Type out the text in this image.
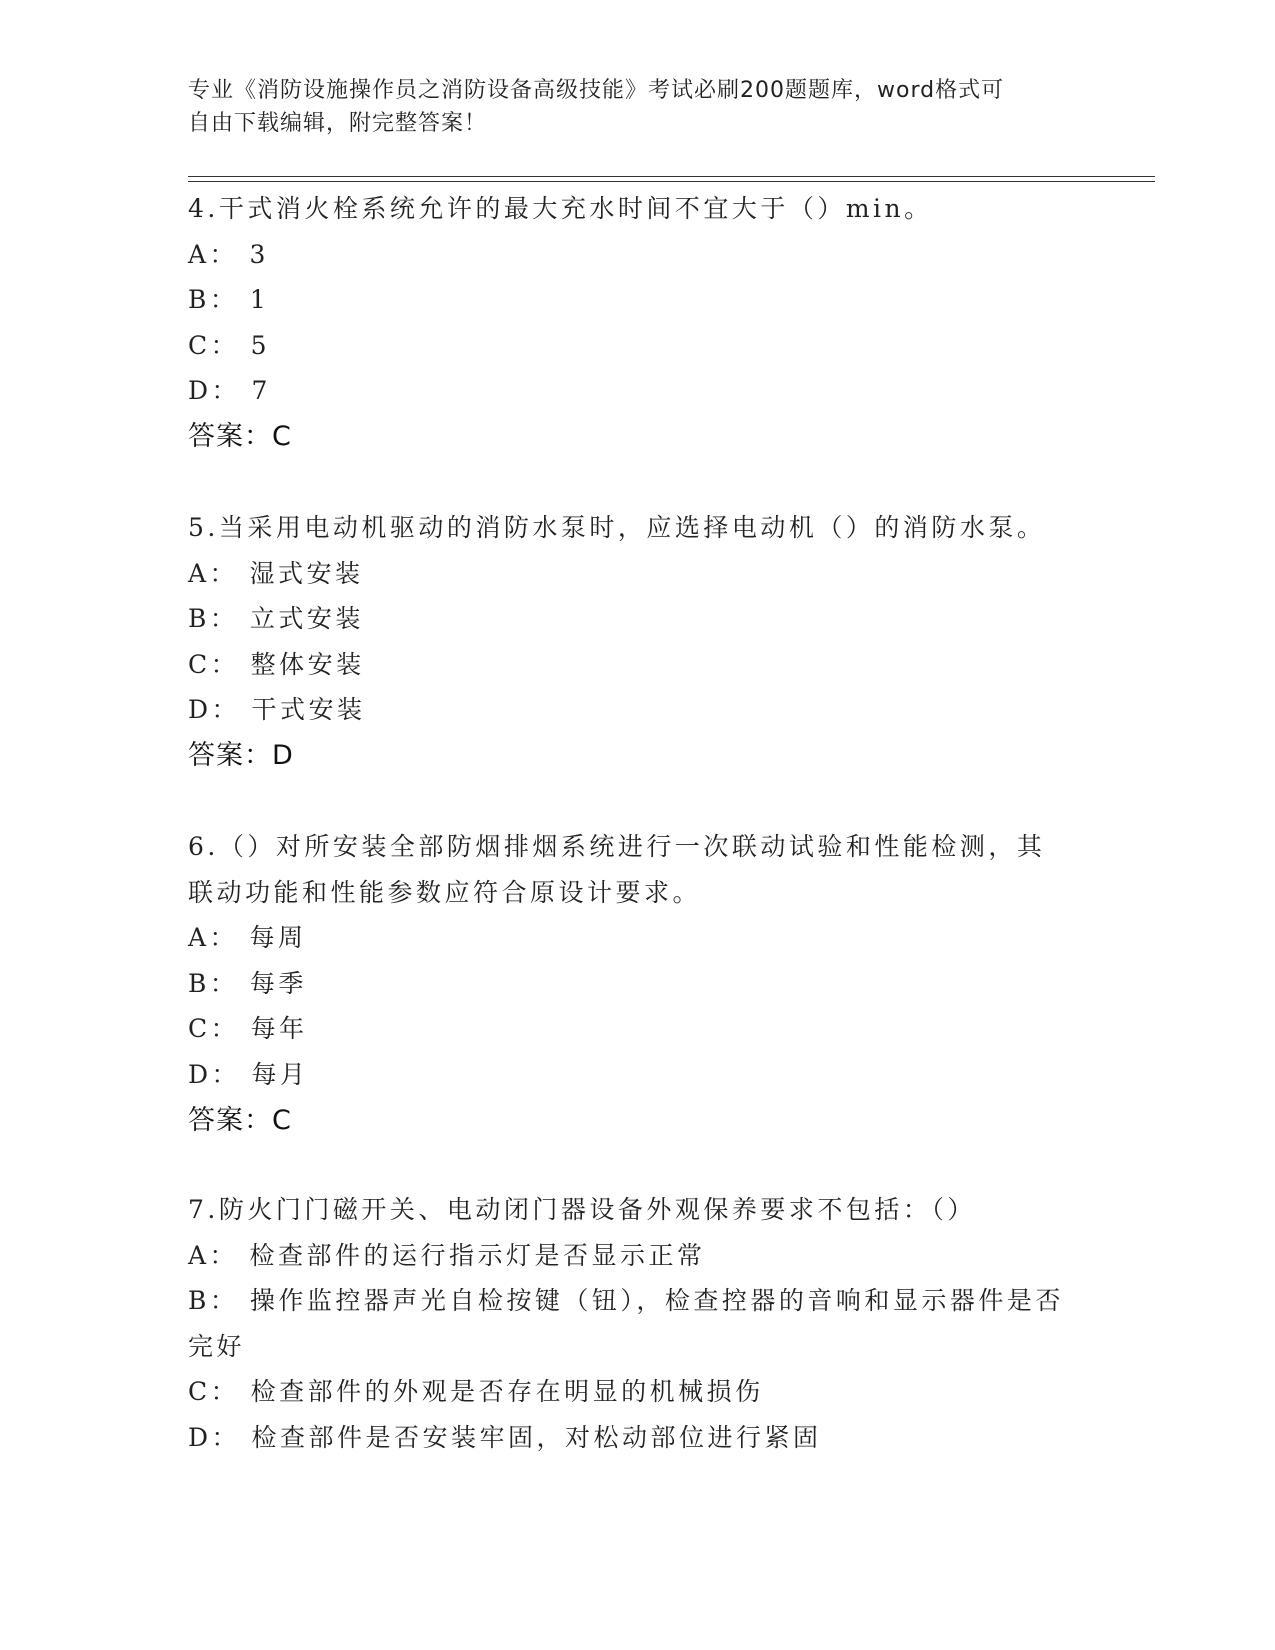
专业《消防设施操作员之消防设备高级技能》考试必刷200题题库，word格式可
自由下载编辑，附完整答案！
4.干式消火栓系统允许的最大充水时间不宜大于（）min。
A： 3
B： 1
C： 5
D： 7
答案：C
5.当采用电动机驱动的消防水泵时，应选择电动机（）的消防水泵。
A： 湿式安装
B： 立式安装
C： 整体安装
D： 干式安装
答案：D
6.（）对所安装全部防烟排烟系统进行一次联动试验和性能检测，其
联动功能和性能参数应符合原设计要求。
A： 每周
B： 每季
C： 每年
D： 每月
答案：C
7.防火门门磁开关、电动闭门器设备外观保养要求不包括：（）
A： 检查部件的运行指示灯是否显示正常
B： 操作监控器声光自检按键（钮），检查控器的音响和显示器件是否
完好
C： 检查部件的外观是否存在明显的机械损伤
D： 检查部件是否安装牢固，对松动部位进行紧固
